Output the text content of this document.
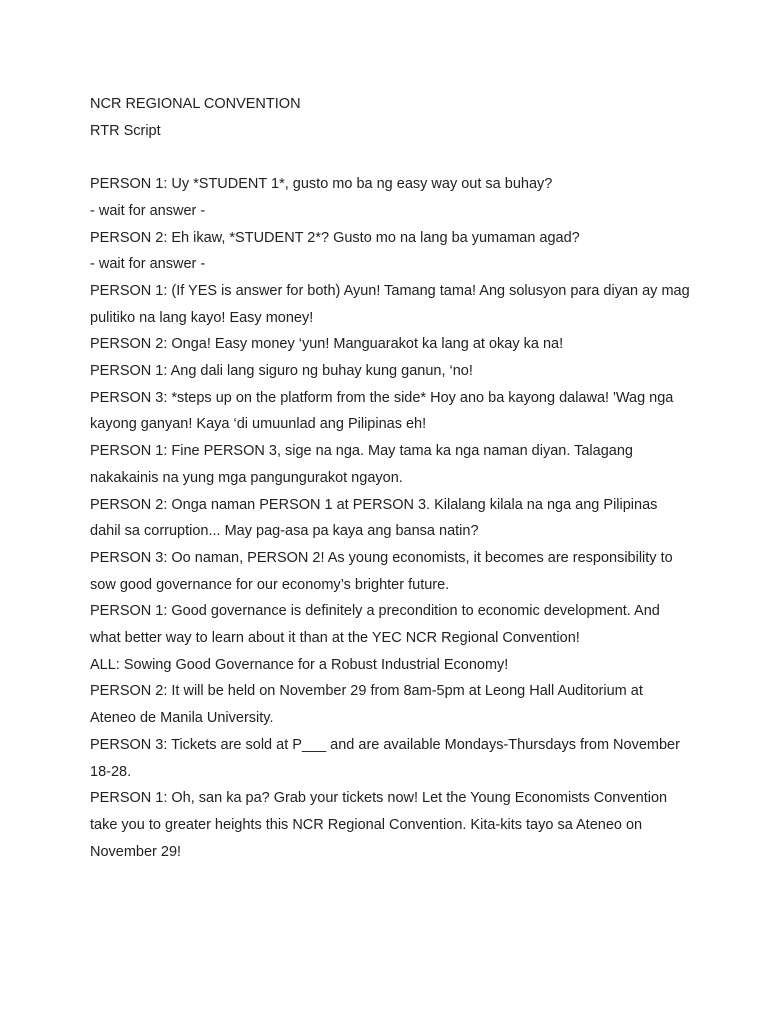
NCR REGIONAL CONVENTION
RTR Script

PERSON 1: Uy *STUDENT 1*, gusto mo ba ng easy way out sa buhay?

- wait for answer -

PERSON 2: Eh ikaw, *STUDENT 2*? Gusto mo na lang ba yumaman agad?

- wait for answer -

PERSON 1: (If YES is answer for both) Ayun! Tamang tama! Ang solusyon para diyan ay mag pulitiko na lang kayo! Easy money!

PERSON 2: Onga! Easy money ‘yun! Manguarakot ka lang at okay ka na!

PERSON 1: Ang dali lang siguro ng buhay kung ganun, ‘no!

PERSON 3: *steps up on the platform from the side* Hoy ano ba kayong dalawa! 'Wag nga kayong ganyan! Kaya ‘di umuunlad ang Pilipinas eh!

PERSON 1: Fine PERSON 3, sige na nga. May tama ka nga naman diyan. Talagang nakakainis na yung mga pangungurakot ngayon.

PERSON 2: Onga naman PERSON 1 at PERSON 3. Kilalang kilala na nga ang Pilipinas dahil sa corruption... May pag-asa pa kaya ang bansa natin?

PERSON 3: Oo naman, PERSON 2! As young economists, it becomes are responsibility to sow good governance for our economy’s brighter future.

PERSON 1: Good governance is definitely a precondition to economic development. And what better way to learn about it than at the YEC NCR Regional Convention!

ALL: Sowing Good Governance for a Robust Industrial Economy!

PERSON 2: It will be held on November 29 from 8am-5pm at Leong Hall Auditorium at Ateneo de Manila University.

PERSON 3: Tickets are sold at P___ and are available Mondays-Thursdays from November 18-28.

PERSON 1: Oh, san ka pa? Grab your tickets now! Let the Young Economists Convention take you to greater heights this NCR Regional Convention. Kita-kits tayo sa Ateneo on November 29!
